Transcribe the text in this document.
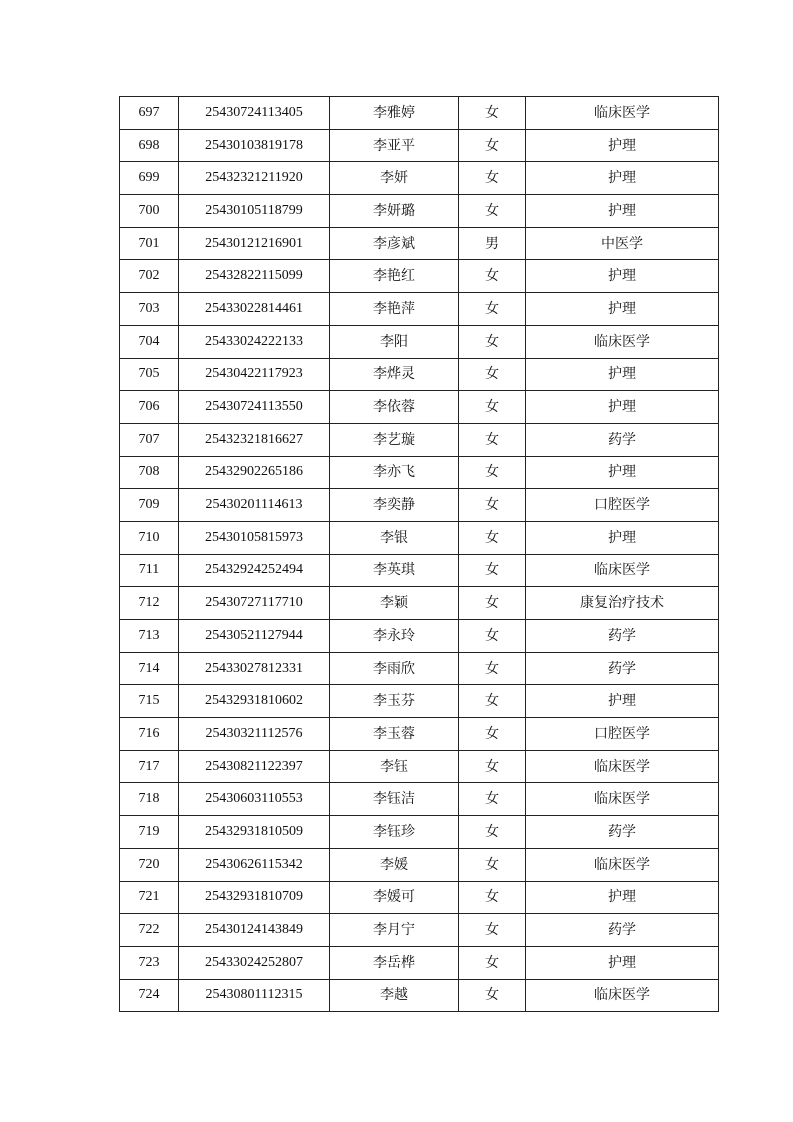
697	25430724113405	李雅婷	女	临床医学
698	25430103819178	李亚平	女	护理
699	25432321211920	李妍	女	护理
700	25430105118799	李妍璐	女	护理
701	25430121216901	李彦斌	男	中医学
702	25432822115099	李艳红	女	护理
703	25433022814461	李艳萍	女	护理
704	25433024222133	李阳	女	临床医学
705	25430422117923	李烨灵	女	护理
706	25430724113550	李依蓉	女	护理
707	25432321816627	李艺璇	女	药学
708	25432902265186	李亦飞	女	护理
709	25430201114613	李奕静	女	口腔医学
710	25430105815973	李银	女	护理
711	25432924252494	李英琪	女	临床医学
712	25430727117710	李颖	女	康复治疗技术
713	25430521127944	李永玲	女	药学
714	25433027812331	李雨欣	女	药学
715	25432931810602	李玉芬	女	护理
716	25430321112576	李玉蓉	女	口腔医学
717	25430821122397	李钰	女	临床医学
718	25430603110553	李钰洁	女	临床医学
719	25432931810509	李钰珍	女	药学
720	25430626115342	李媛	女	临床医学
721	25432931810709	李媛可	女	护理
722	25430124143849	李月宁	女	药学
723	25433024252807	李岳桦	女	护理
724	25430801112315	李越	女	临床医学
